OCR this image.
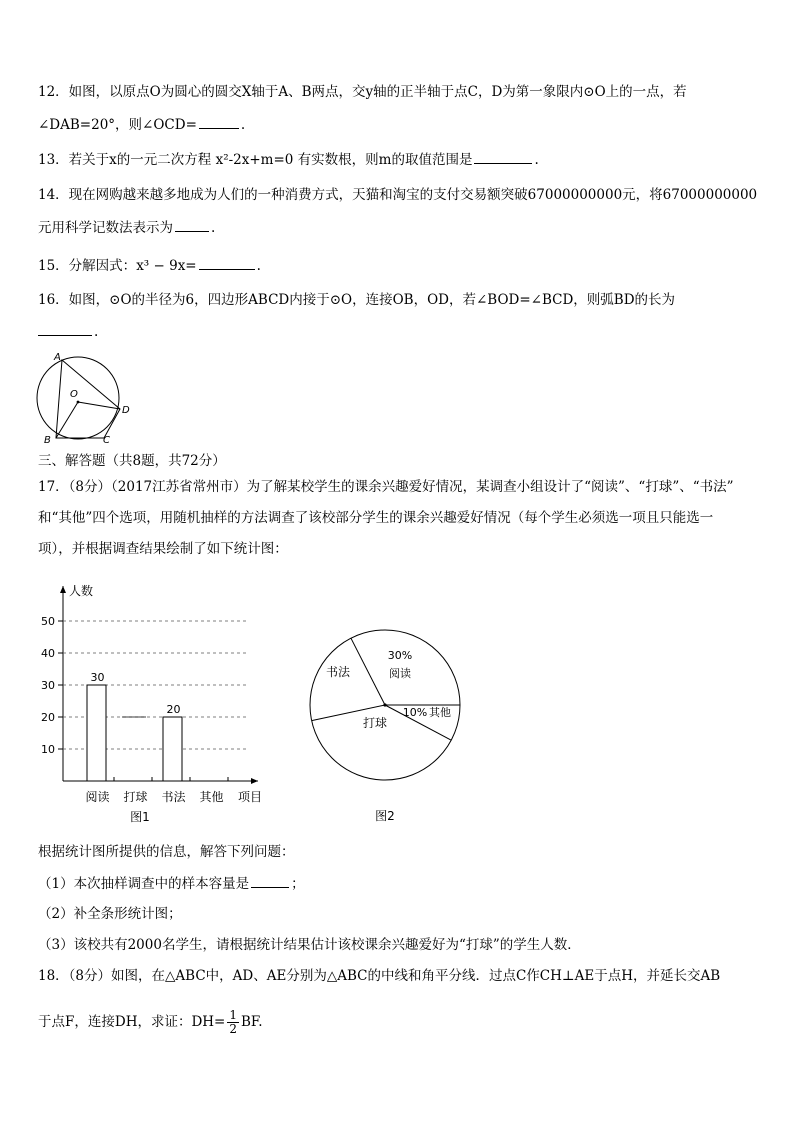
12．如图，以原点O为圆心的圆交X轴于A、B两点，交y轴的正半轴于点C，D为第一象限内⊙O上的一点，若
∠DAB=20°，则∠OCD=	.
13．若关于x的一元二次方程 x²-2x+m=0 有实数根，则m的取值范围是	.
14．现在网购越来越多地成为人们的一种消费方式，天猫和淘宝的支付交易额突破67000000000元，将67000000000
元用科学记数法表示为	.
15．分解因式：x³ − 9x=	.
16．如图，⊙O的半径为6，四边形ABCD内接于⊙O，连接OB，OD，若∠BOD=∠BCD，则弧BD的长为
.
A
O
D
B	C
三、解答题（共8题，共72分）
17．（8分）（2017江苏省常州市）为了解某校学生的课余兴趣爱好情况，某调查小组设计了“阅读”、“打球”、“书法”
和“其他”四个选项，用随机抽样的方法调查了该校部分学生的课余兴趣爱好情况（每个学生必须选一项且只能选一
项），并根据调查结果绘制了如下统计图：
人数
项目
10
20
30
40
50
30
阅读 打球
20
书法 其他
图1
30%
阅读
10% 其他
打球
书法
图2
根据统计图所提供的信息，解答下列问题：
（1）本次抽样调查中的样本容量是	；
（2）补全条形统计图；
（3）该校共有2000名学生，请根据统计结果估计该校课余兴趣爱好为“打球”的学生人数．
18．（8分）如图，在△ABC中，AD、AE分别为△ABC的中线和角平分线．过点C作CH⊥AE于点H，并延长交AB
于点F，连接DH，求证：$DH= \frac{1}{2}$ BF.
